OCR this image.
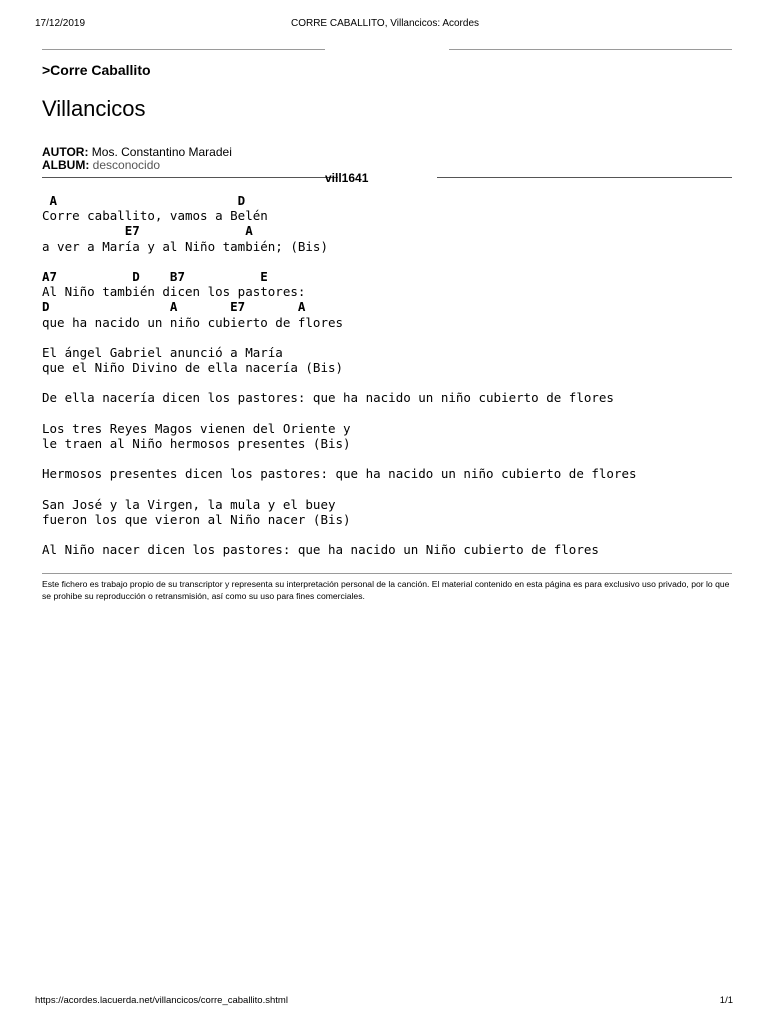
17/12/2019	CORRE CABALLITO, Villancicos: Acordes
>Corre Caballito
Villancicos
AUTOR: Mos. Constantino Maradei
ALBUM: desconocido
vill1641
A                        D
Corre caballito, vamos a Belén
E7              A
a ver a María y al Niño también; (Bis)
A7          D    B7          E
Al Niño también dicen los pastores:
D                A       E7       A
que ha nacido un niño cubierto de flores
El ángel Gabriel anunció a María
que el Niño Divino de ella nacería (Bis)
De ella nacería dicen los pastores: que ha nacido un niño cubierto de flores
Los tres Reyes Magos vienen del Oriente y
le traen al Niño hermosos presentes (Bis)
Hermosos presentes dicen los pastores: que ha nacido un niño cubierto de flores
San José y la Virgen, la mula y el buey
fueron los que vieron al Niño nacer (Bis)
Al Niño nacer dicen los pastores: que ha nacido un Niño cubierto de flores
Este fichero es trabajo propio de su transcriptor y representa su interpretación personal de la canción. El material contenido en esta página es para exclusivo uso privado, por lo que se prohibe su reproducción o retransmisión, así como su uso para fines comerciales.
https://acordes.lacuerda.net/villancicos/corre_caballito.shtml	1/1
